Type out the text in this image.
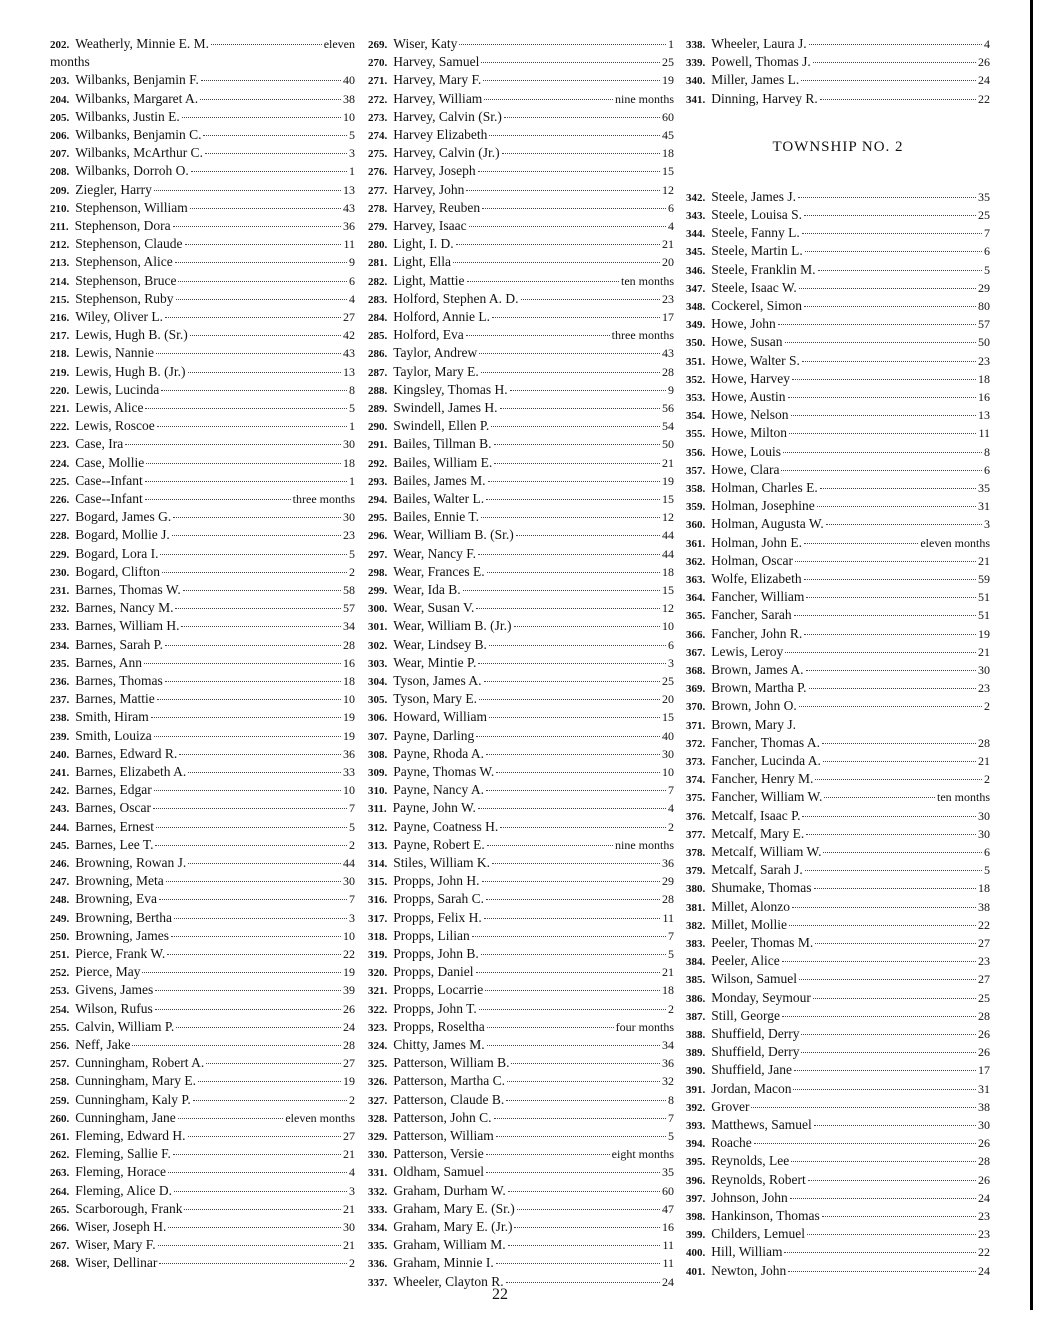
202. Weatherly, Minnie E. M.	eleven
months
203. Wilbanks, Benjamin F.	40
204. Wilbanks, Margaret A.	38
205. Wilbanks, Justin E.	10
206. Wilbanks, Benjamin C.	5
207. Wilbanks, McArthur C.	3
208. Wilbanks, Dorroh O.	1
209. Ziegler, Harry	13
210. Stephenson, William	43
211. Stephenson, Dora	36
212. Stephenson, Claude	11
213. Stephenson, Alice	9
214. Stephenson, Bruce	6
215. Stephenson, Ruby	4
216. Wiley, Oliver L.	27
217. Lewis, Hugh B. (Sr.)	42
218. Lewis, Nannie	43
219. Lewis, Hugh B. (Jr.)	13
220. Lewis, Lucinda	8
221. Lewis, Alice	5
222. Lewis, Roscoe	1
223. Case, Ira	30
224. Case, Mollie	18
225. Case--Infant	1
226. Case--Infant	three months
227. Bogard, James G.	30
228. Bogard, Mollie J.	23
229. Bogard, Lora I.	5
230. Bogard, Clifton	2
231. Barnes, Thomas W.	58
232. Barnes, Nancy M.	57
233. Barnes, William H.	34
234. Barnes, Sarah P.	28
235. Barnes, Ann	16
236. Barnes, Thomas	18
237. Barnes, Mattie	10
238. Smith, Hiram	19
239. Smith, Louiza	19
240. Barnes, Edward R.	36
241. Barnes, Elizabeth A.	33
242. Barnes, Edgar	10
243. Barnes, Oscar	7
244. Barnes, Ernest	5
245. Barnes, Lee T.	2
246. Browning, Rowan J.	44
247. Browning, Meta	30
248. Browning, Eva	7
249. Browning, Bertha	3
250. Browning, James	10
251. Pierce, Frank W.	22
252. Pierce, May	19
253. Givens, James	39
254. Wilson, Rufus	26
255. Calvin, William P.	24
256. Neff, Jake	28
257. Cunningham, Robert A.	27
258. Cunningham, Mary E.	19
259. Cunningham, Kaly P.	2
260. Cunningham, Jane	eleven months
261. Fleming, Edward H.	27
262. Fleming, Sallie F.	21
263. Fleming, Horace	4
264. Fleming, Alice D.	3
265. Scarborough, Frank	21
266. Wiser, Joseph H.	30
267. Wiser, Mary F.	21
268. Wiser, Dellinar	2
269. Wiser, Katy	1
270. Harvey, Samuel	25
271. Harvey, Mary F.	19
272. Harvey, William	nine months
273. Harvey, Calvin (Sr.)	60
274. Harvey Elizabeth	45
275. Harvey, Calvin (Jr.)	18
276. Harvey, Joseph	15
277. Harvey, John	12
278. Harvey, Reuben	6
279. Harvey, Isaac	4
280. Light, I. D.	21
281. Light, Ella	20
282. Light, Mattie	ten months
283. Holford, Stephen A. D.	23
284. Holford, Annie L.	17
285. Holford, Eva	three months
286. Taylor, Andrew	43
287. Taylor, Mary E.	28
288. Kingsley, Thomas H.	9
289. Swindell, James H.	56
290. Swindell, Ellen P.	54
291. Bailes, Tillman B.	50
292. Bailes, William E.	21
293. Bailes, James M.	19
294. Bailes, Walter L.	15
295. Bailes, Ennie T.	12
296. Wear, William B. (Sr.)	44
297. Wear, Nancy F.	44
298. Wear, Frances E.	18
299. Wear, Ida B.	15
300. Wear, Susan V.	12
301. Wear, William B. (Jr.)	10
302. Wear, Lindsey B.	6
303. Wear, Mintie P.	3
304. Tyson, James A.	25
305. Tyson, Mary E.	20
306. Howard, William	15
307. Payne, Darling	40
308. Payne, Rhoda A.	30
309. Payne, Thomas W.	10
310. Payne, Nancy A.	7
311. Payne, John W.	4
312. Payne, Coatness H.	2
313. Payne, Robert E.	nine months
314. Stiles, William K.	36
315. Propps, John H.	29
316. Propps, Sarah C.	28
317. Propps, Felix H.	11
318. Propps, Lilian	7
319. Propps, John B.	5
320. Propps, Daniel	21
321. Propps, Locarrie	18
322. Propps, John T.	2
323. Propps, Roseltha	four months
324. Chitty, James M.	34
325. Patterson, William B.	36
326. Patterson, Martha C.	32
327. Patterson, Claude B.	8
328. Patterson, John C.	7
329. Patterson, William	5
330. Patterson, Versie	eight months
331. Oldham, Samuel	35
332. Graham, Durham W.	60
333. Graham, Mary E. (Sr.)	47
334. Graham, Mary E. (Jr.)	16
335. Graham, William M.	11
336. Graham, Minnie I.	11
337. Wheeler, Clayton R.	24
TOWNSHIP NO. 2
338. Wheeler, Laura J.	4
339. Powell, Thomas J.	26
340. Miller, James L.	24
341. Dinning, Harvey R.	22
342. Steele, James J.	35
343. Steele, Louisa S.	25
344. Steele, Fanny L.	7
345. Steele, Martin L.	6
346. Steele, Franklin M.	5
347. Steele, Isaac W.	29
348. Cockerel, Simon	80
349. Howe, John	57
350. Howe, Susan	50
351. Howe, Walter S.	23
352. Howe, Harvey	18
353. Howe, Austin	16
354. Howe, Nelson	13
355. Howe, Milton	11
356. Howe, Louis	8
357. Howe, Clara	6
358. Holman, Charles E.	35
359. Holman, Josephine	31
360. Holman, Augusta W.	3
361. Holman, John E.	eleven months
362. Holman, Oscar	21
363. Wolfe, Elizabeth	59
364. Fancher, William	51
365. Fancher, Sarah	51
366. Fancher, John R.	19
367. Lewis, Leroy	21
368. Brown, James A.	30
369. Brown, Martha P.	23
370. Brown, John O.	2
371. Brown, Mary J.
372. Fancher, Thomas A.	28
373. Fancher, Lucinda A.	21
374. Fancher, Henry M.	2
375. Fancher, William W.	ten months
376. Metcalf, Isaac P.	30
377. Metcalf, Mary E.	30
378. Metcalf, William W.	6
379. Metcalf, Sarah J.	5
380. Shumake, Thomas	18
381. Millet, Alonzo	38
382. Millet, Mollie	22
383. Peeler, Thomas M.	27
384. Peeler, Alice	23
385. Wilson, Samuel	27
386. Monday, Seymour	25
387. Still, George	28
388. Shuffield, Derry	26
389. Shuffield, Derry	26
390. Shuffield, Jane	17
391. Jordan, Macon	31
392. Grover	38
393. Matthews, Samuel	30
394. Roache	26
395. Reynolds, Lee	28
396. Reynolds, Robert	26
397. Johnson, John	24
398. Hankinson, Thomas	23
399. Childers, Lemuel	23
400. Hill, William	22
401. Newton, John	24
22
